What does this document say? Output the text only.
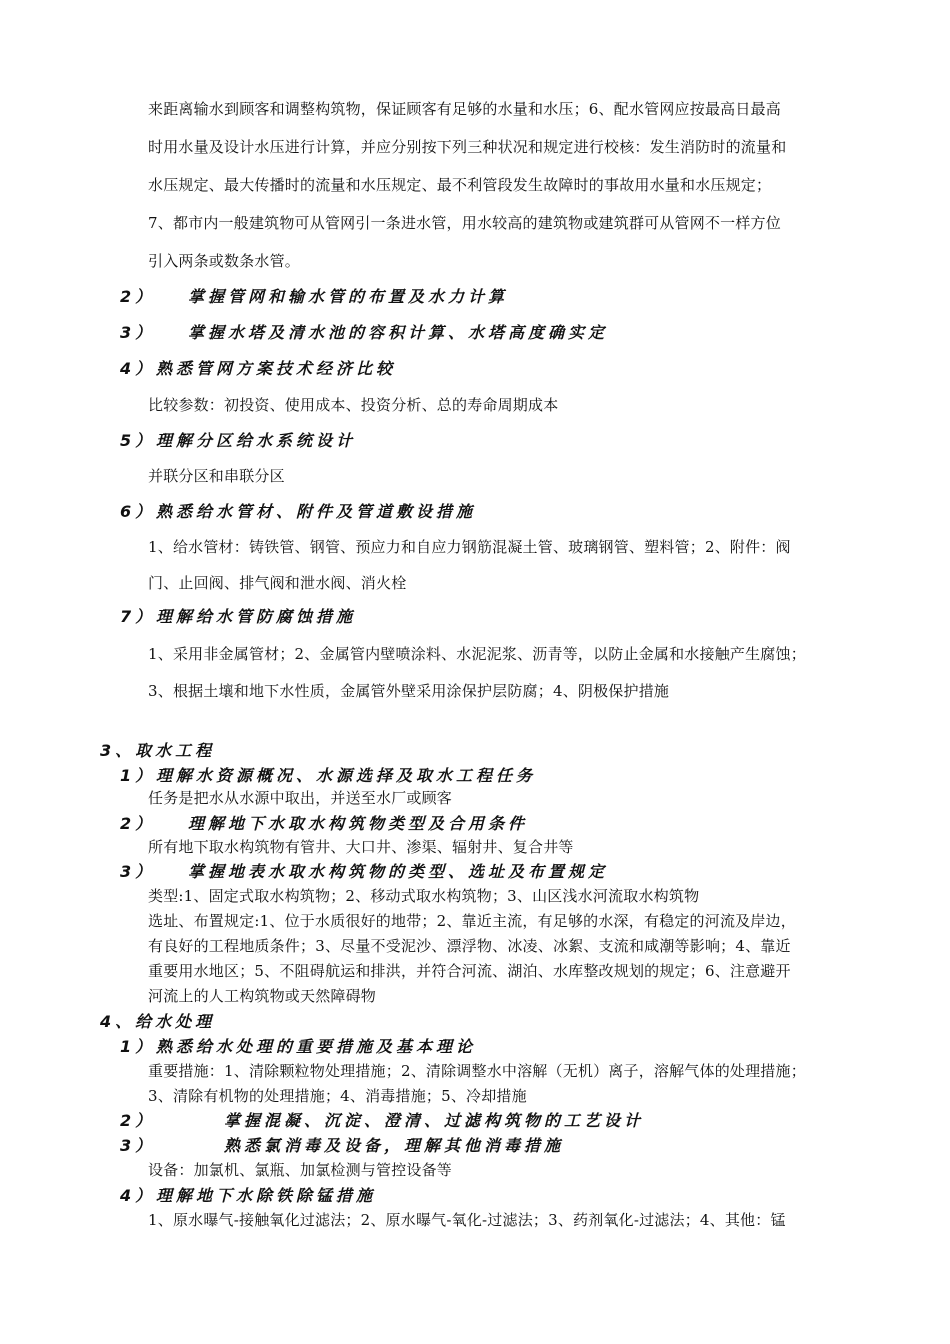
来距离输水到顾客和调整构筑物，保证顾客有足够的水量和水压；6、配水管网应按最高日最高
时用水量及设计水压进行计算，并应分别按下列三种状况和规定进行校核：发生消防时的流量和
水压规定、最大传播时的流量和水压规定、最不利管段发生故障时的事故用水量和水压规定；
7、都市内一般建筑物可从管网引一条进水管，用水较高的建筑物或建筑群可从管网不一样方位
引入两条或数条水管。
2） 掌握管网和输水管的布置及水力计算
3） 掌握水塔及清水池的容积计算、水塔高度确实定
4）熟悉管网方案技术经济比较
比较参数：初投资、使用成本、投资分析、总的寿命周期成本
5）理解分区给水系统设计
并联分区和串联分区
6）熟悉给水管材、附件及管道敷设措施
1、给水管材：铸铁管、钢管、预应力和自应力钢筋混凝土管、玻璃钢管、塑料管；2、附件：阀
门、止回阀、排气阀和泄水阀、消火栓
7）理解给水管防腐蚀措施
1、采用非金属管材；2、金属管内壁喷涂料、水泥泥浆、沥青等，以防止金属和水接触产生腐蚀；
3、根据土壤和地下水性质，金属管外壁采用涂保护层防腐；4、阴极保护措施
3、取水工程
1）理解水资源概况、水源选择及取水工程任务
任务是把水从水源中取出，并送至水厂或顾客
2） 理解地下水取水构筑物类型及合用条件
所有地下取水构筑物有管井、大口井、渗渠、辐射井、复合井等
3） 掌握地表水取水构筑物的类型、选址及布置规定
类型:1、固定式取水构筑物；2、移动式取水构筑物；3、山区浅水河流取水构筑物
选址、布置规定:1、位于水质很好的地带；2、靠近主流，有足够的水深，有稳定的河流及岸边，
有良好的工程地质条件；3、尽量不受泥沙、漂浮物、冰凌、冰絮、支流和咸潮等影响；4、靠近
重要用水地区；5、不阻碍航运和排洪，并符合河流、湖泊、水库整改规划的规定；6、注意避开
河流上的人工构筑物或天然障碍物
4、给水处理
1）熟悉给水处理的重要措施及基本理论
重要措施：1、清除颗粒物处理措施；2、清除调整水中溶解（无机）离子，溶解气体的处理措施；
3、清除有机物的处理措施；4、消毒措施；5、冷却措施
2）	掌握混凝、沉淀、澄清、过滤构筑物的工艺设计
3）	熟悉氯消毒及设备，理解其他消毒措施
设备：加氯机、氯瓶、加氯检测与管控设备等
4）理解地下水除铁除锰措施
1、原水曝气-接触氧化过滤法；2、原水曝气-氧化-过滤法；3、药剂氧化-过滤法；4、其他：锰
